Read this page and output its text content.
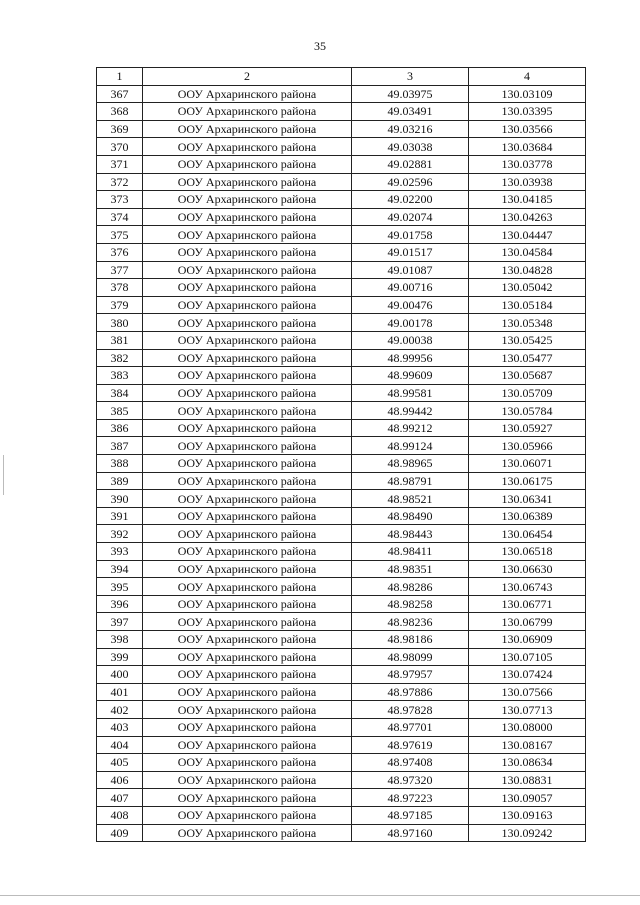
35
1	2	3	4
367	ООУ Архаринского района	49.03975	130.03109
368	ООУ Архаринского района	49.03491	130.03395
369	ООУ Архаринского района	49.03216	130.03566
370	ООУ Архаринского района	49.03038	130.03684
371	ООУ Архаринского района	49.02881	130.03778
372	ООУ Архаринского района	49.02596	130.03938
373	ООУ Архаринского района	49.02200	130.04185
374	ООУ Архаринского района	49.02074	130.04263
375	ООУ Архаринского района	49.01758	130.04447
376	ООУ Архаринского района	49.01517	130.04584
377	ООУ Архаринского района	49.01087	130.04828
378	ООУ Архаринского района	49.00716	130.05042
379	ООУ Архаринского района	49.00476	130.05184
380	ООУ Архаринского района	49.00178	130.05348
381	ООУ Архаринского района	49.00038	130.05425
382	ООУ Архаринского района	48.99956	130.05477
383	ООУ Архаринского района	48.99609	130.05687
384	ООУ Архаринского района	48.99581	130.05709
385	ООУ Архаринского района	48.99442	130.05784
386	ООУ Архаринского района	48.99212	130.05927
387	ООУ Архаринского района	48.99124	130.05966
388	ООУ Архаринского района	48.98965	130.06071
389	ООУ Архаринского района	48.98791	130.06175
390	ООУ Архаринского района	48.98521	130.06341
391	ООУ Архаринского района	48.98490	130.06389
392	ООУ Архаринского района	48.98443	130.06454
393	ООУ Архаринского района	48.98411	130.06518
394	ООУ Архаринского района	48.98351	130.06630
395	ООУ Архаринского района	48.98286	130.06743
396	ООУ Архаринского района	48.98258	130.06771
397	ООУ Архаринского района	48.98236	130.06799
398	ООУ Архаринского района	48.98186	130.06909
399	ООУ Архаринского района	48.98099	130.07105
400	ООУ Архаринского района	48.97957	130.07424
401	ООУ Архаринского района	48.97886	130.07566
402	ООУ Архаринского района	48.97828	130.07713
403	ООУ Архаринского района	48.97701	130.08000
404	ООУ Архаринского района	48.97619	130.08167
405	ООУ Архаринского района	48.97408	130.08634
406	ООУ Архаринского района	48.97320	130.08831
407	ООУ Архаринского района	48.97223	130.09057
408	ООУ Архаринского района	48.97185	130.09163
409	ООУ Архаринского района	48.97160	130.09242
